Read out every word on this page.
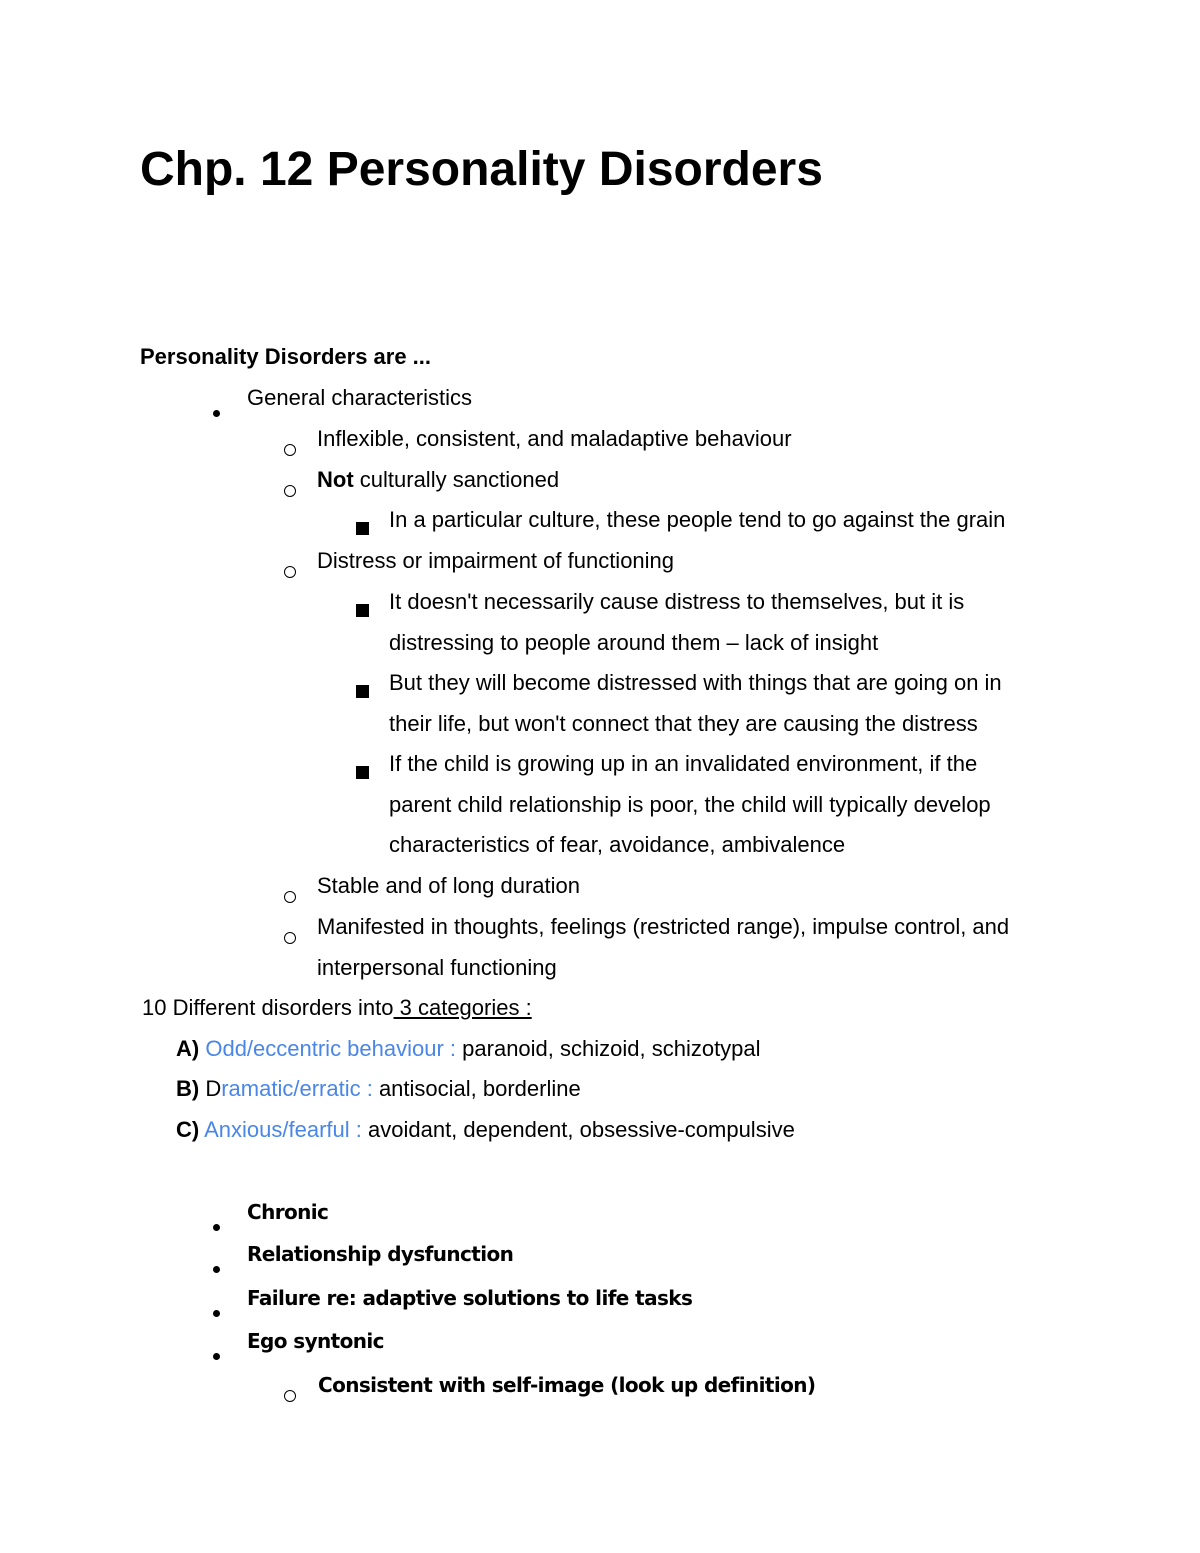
Chp. 12 Personality Disorders
Personality Disorders are ...
General characteristics
Inflexible, consistent, and maladaptive behaviour
Not culturally sanctioned
In a particular culture, these people tend to go against the grain
Distress or impairment of functioning
It doesn't necessarily cause distress to themselves, but it is
distressing to people around them – lack of insight
But they will become distressed with things that are going on in
their life, but won't connect that they are causing the distress
If the child is growing up in an invalidated environment, if the
parent child relationship is poor, the child will typically develop
characteristics of fear, avoidance, ambivalence
Stable and of long duration
Manifested in thoughts, feelings (restricted range), impulse control, and
interpersonal functioning
10 Different disorders into 3 categories :
A) Odd/eccentric behaviour : paranoid, schizoid, schizotypal
B) Dramatic/erratic : antisocial, borderline
C) Anxious/fearful : avoidant, dependent, obsessive-compulsive
Chronic
Relationship dysfunction
Failure re: adaptive solutions to life tasks
Ego syntonic
Consistent with self-image (look up definition)
